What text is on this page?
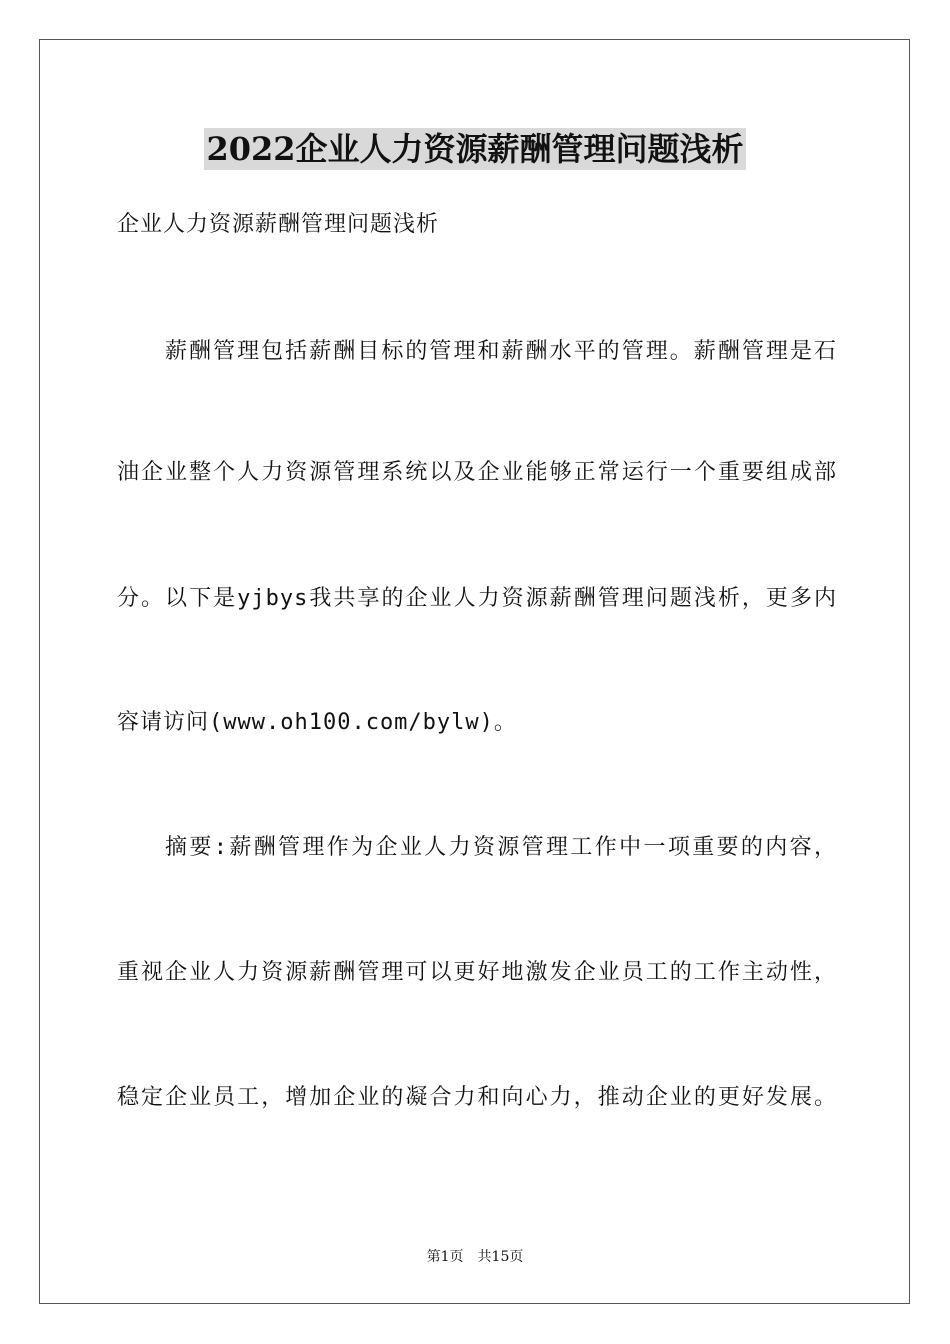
2022企业人力资源薪酬管理问题浅析
企业人力资源薪酬管理问题浅析
薪酬管理包括薪酬目标的管理和薪酬水平的管理。薪酬管理是石
油企业整个人力资源管理系统以及企业能够正常运行一个重要组成部
分。以下是yjbys我共享的企业人力资源薪酬管理问题浅析，更多内
容请访问(www.oh100.com/bylw)。
摘要:薪酬管理作为企业人力资源管理工作中一项重要的内容，
重视企业人力资源薪酬管理可以更好地激发企业员工的工作主动性，
稳定企业员工，增加企业的凝合力和向心力，推动企业的更好发展。
第1页 共15页
